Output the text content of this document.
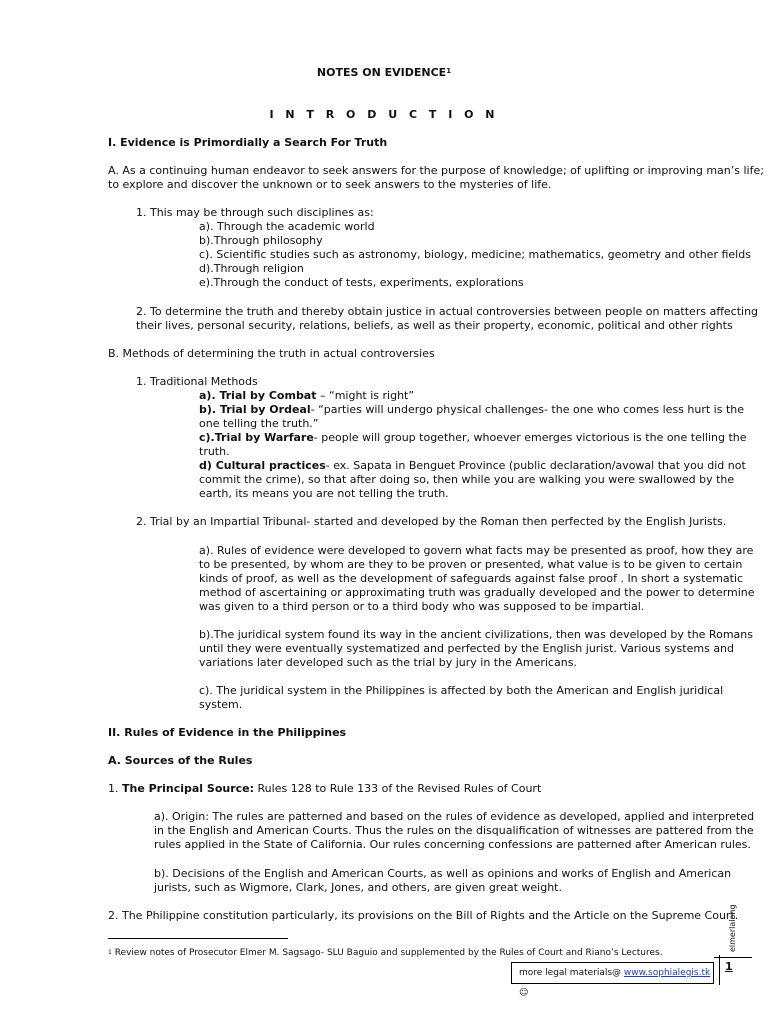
NOTES ON EVIDENCE$^1$
I N T R O D U C T I O N
I. Evidence is Primordially a Search For Truth
A. As a continuing human endeavor to seek answers for the purpose of knowledge; of uplifting or improving man’s life;
to explore and discover the unknown or to seek answers to the mysteries of life.
1. This may be through such disciplines as:
a). Through the academic world
b).Through philosophy
c). Scientific studies such as astronomy, biology, medicine; mathematics, geometry and other fields
d).Through religion
e).Through the conduct of tests, experiments, explorations
2. To determine the truth and thereby obtain justice in actual controversies between people on matters affecting
their lives, personal security, relations, beliefs, as well as their property, economic, political and other rights
B. Methods of determining the truth in actual controversies
1. Traditional Methods
a). Trial by Combat – “might is right”
b). Trial by Ordeal- “parties will undergo physical challenges- the one who comes less hurt is the
one telling the truth.”
c).Trial by Warfare- people will group together, whoever emerges victorious is the one telling the
truth.
d) Cultural practices- ex. Sapata in Benguet Province (public declaration/avowal that you did not
commit the crime), so that after doing so, then while you are walking you were swallowed by the
earth, its means you are not telling the truth.
2. Trial by an Impartial Tribunal- started and developed by the Roman then perfected by the English Jurists.
a). Rules of evidence were developed to govern what facts may be presented as proof, how they are
to be presented, by whom are they to be proven or presented, what value is to be given to certain
kinds of proof, as well as the development of safeguards against false proof . In short a systematic
method of ascertaining or approximating truth was gradually developed and the power to determine
was given to a third person or to a third body who was supposed to be impartial.
b).The juridical system found its way in the ancient civilizations, then was developed by the Romans
until they were eventually systematized and perfected by the English jurist. Various systems and
variations later developed such as the trial by jury in the Americans.
c). The juridical system in the Philippines is affected by both the American and English juridical
system.
II. Rules of Evidence in the Philippines
A. Sources of the Rules
1. The Principal Source: Rules 128 to Rule 133 of the Revised Rules of Court
a). Origin: The rules are patterned and based on the rules of evidence as developed, applied and interpreted
in the English and American Courts. Thus the rules on the disqualification of witnesses are pattered from the
rules applied in the State of California. Our rules concerning confessions are patterned after American rules.
b). Decisions of the English and American Courts, as well as opinions and works of English and American
jurists, such as Wigmore, Clark, Jones, and others, are given great weight.
2. The Philippine constitution particularly, its provisions on the Bill of Rights and the Article on the Supreme Court.
$^1$ Review notes of Prosecutor Elmer M. Sagsago- SLU Baguio and supplemented by the Rules of Court and Riano’s Lectures.
more legal materials@ www.sophialegis.tk ☺
1
elmerlalong
